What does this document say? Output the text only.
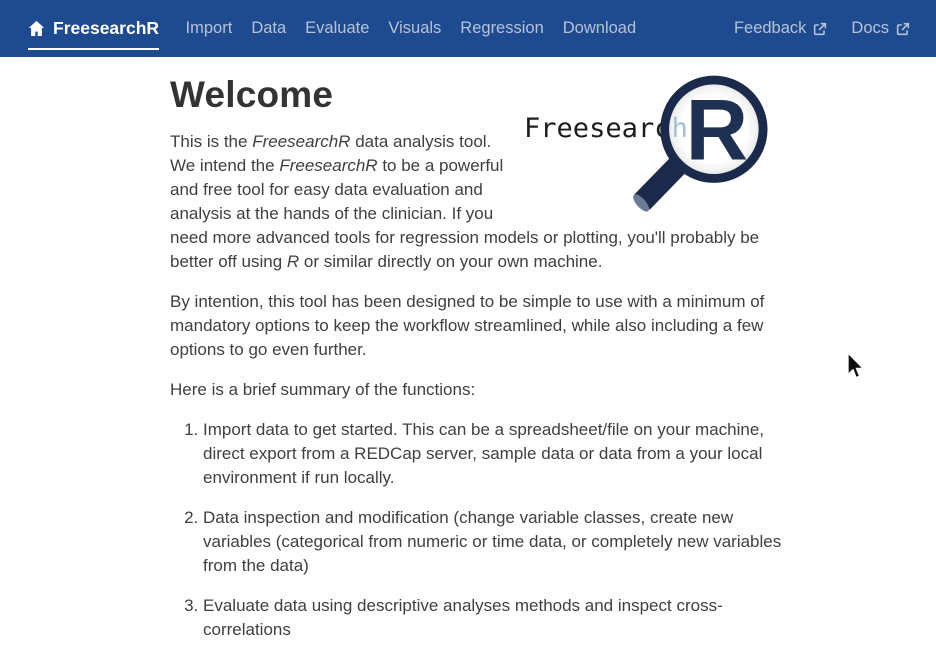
FreesearchR	Import	Data	Evaluate	Visuals	Regression	Download	Feedback	Docs
Freesearc h
R
Welcome

This is the FreesearchR data analysis tool. We intend the FreesearchR to be a powerful and free tool for easy data evaluation and analysis at the hands of the clinician. If you need more advanced tools for regression models or plotting, you'll probably be better off using R or similar directly on your own machine.

By intention, this tool has been designed to be simple to use with a minimum of mandatory options to keep the workflow streamlined, while also including a few options to go even further.

Here is a brief summary of the functions:

1. Import data to get started. This can be a spreadsheet/file on your machine, direct export from a REDCap server, sample data or data from a your local environment if run locally.
2. Data inspection and modification (change variable classes, create new variables (categorical from numeric or time data, or completely new variables from the data)
3. Evaluate data using descriptive analyses methods and inspect cross-correlations
